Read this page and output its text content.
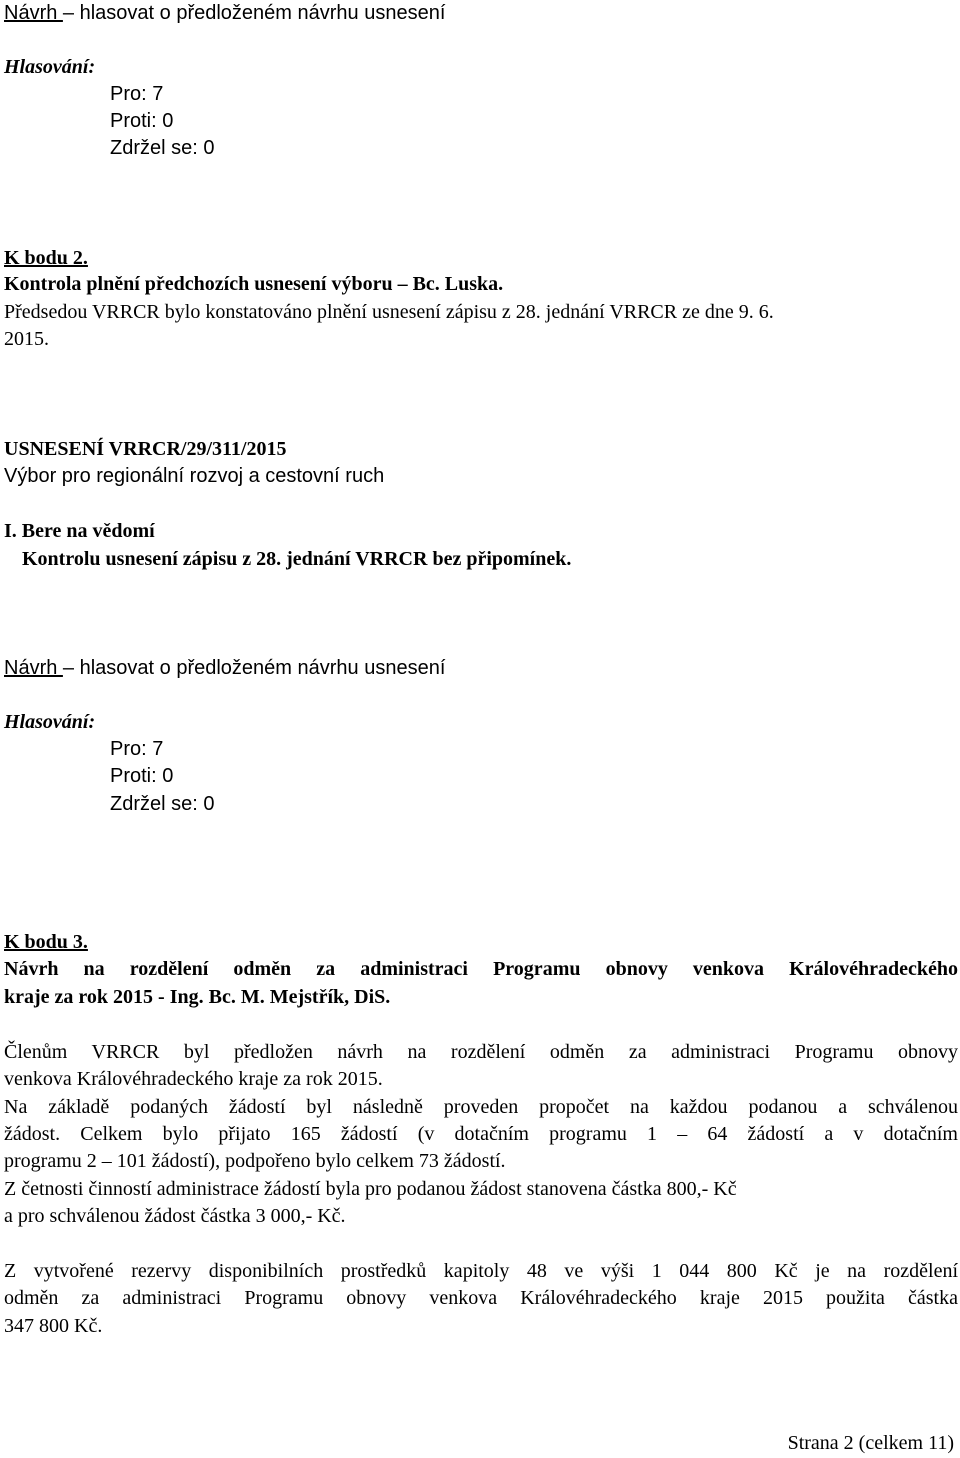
Návrh – hlasovat o předloženém návrhu usnesení
Hlasování:
Pro: 7
Proti: 0
Zdržel se: 0
K bodu 2.
Kontrola plnění předchozích usnesení výboru – Bc. Luska.
Předsedou VRRCR bylo konstatováno plnění usnesení zápisu z 28. jednání VRRCR ze dne 9. 6.
2015.
USNESENÍ VRRCR/29/311/2015
Výbor pro regionální rozvoj a cestovní ruch
I. Bere na vědomí
Kontrolu usnesení zápisu z 28. jednání VRRCR bez připomínek.
Návrh – hlasovat o předloženém návrhu usnesení
Hlasování:
Pro: 7
Proti: 0
Zdržel se: 0
K bodu 3.
Návrh na rozdělení odměn za administraci Programu obnovy venkova Královéhradeckého
kraje za rok 2015 - Ing. Bc. M. Mejstřík, DiS.
Členům VRRCR byl předložen návrh na rozdělení odměn za administraci Programu obnovy
venkova Královéhradeckého kraje za rok 2015.
Na základě podaných žádostí byl následně proveden propočet na každou podanou a schválenou
žádost. Celkem bylo přijato 165 žádostí (v dotačním programu 1 – 64 žádostí a v dotačním
programu 2 – 101 žádostí), podpořeno bylo celkem 73 žádostí.
Z četnosti činností administrace žádostí byla pro podanou žádost stanovena částka 800,- Kč
a pro schválenou žádost částka 3 000,- Kč.
Z vytvořené rezervy disponibilních prostředků kapitoly 48 ve výši 1 044 800 Kč je na rozdělení
odměn za administraci Programu obnovy venkova Královéhradeckého kraje 2015 použita částka
347 800 Kč.
Strana 2 (celkem 11)
